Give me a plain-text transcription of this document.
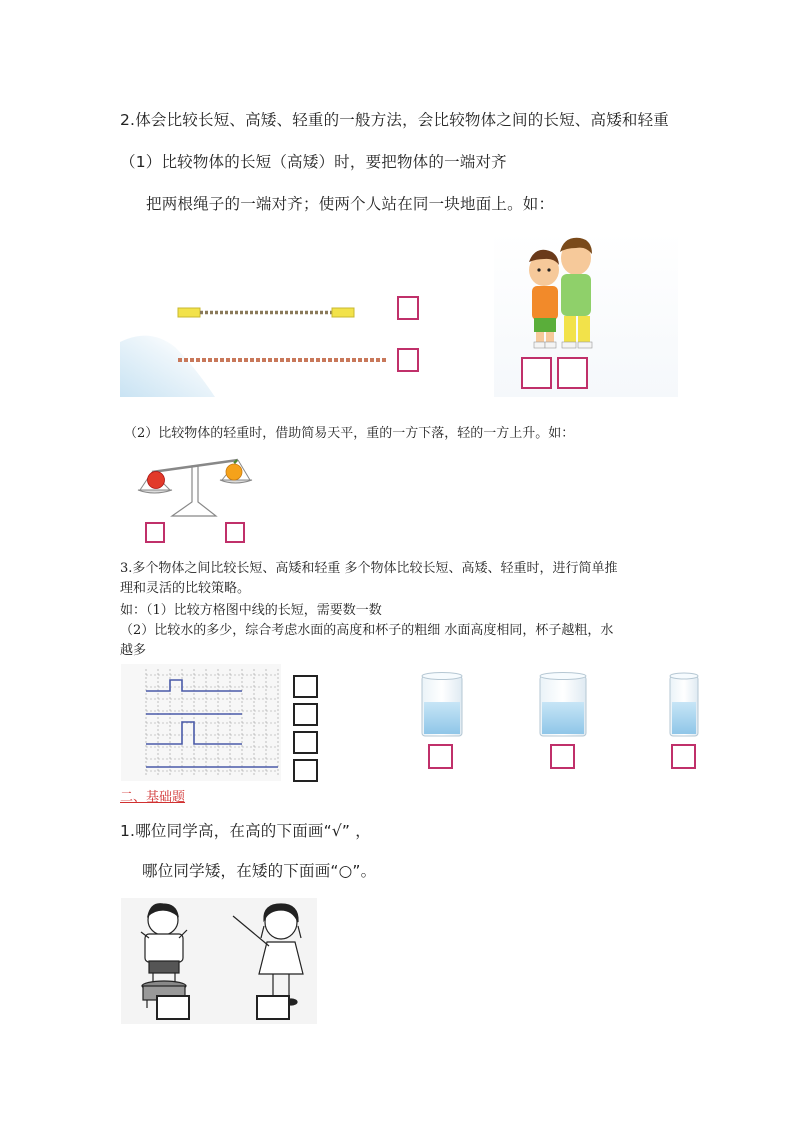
2.体会比较长短、高矮、轻重的一般方法，会比较物体之间的长短、高矮和轻重
（1）比较物体的长短（高矮）时，要把物体的一端对齐
把两根绳子的一端对齐；使两个人站在同一块地面上。如：
（2）比较物体的轻重时，借助简易天平，重的一方下落，轻的一方上升。如：
3.多个物体之间比较长短、高矮和轻重 多个物体比较长短、高矮、轻重时，进行简单推
理和灵活的比较策略。
如：（1）比较方格图中线的长短，需要数一数
（2）比较水的多少，综合考虑水面的高度和杯子的粗细 水面高度相同，杯子越粗，水
越多
二、基础题
1.哪位同学高，在高的下面画“√” ，
哪位同学矮，在矮的下面画“○”。
